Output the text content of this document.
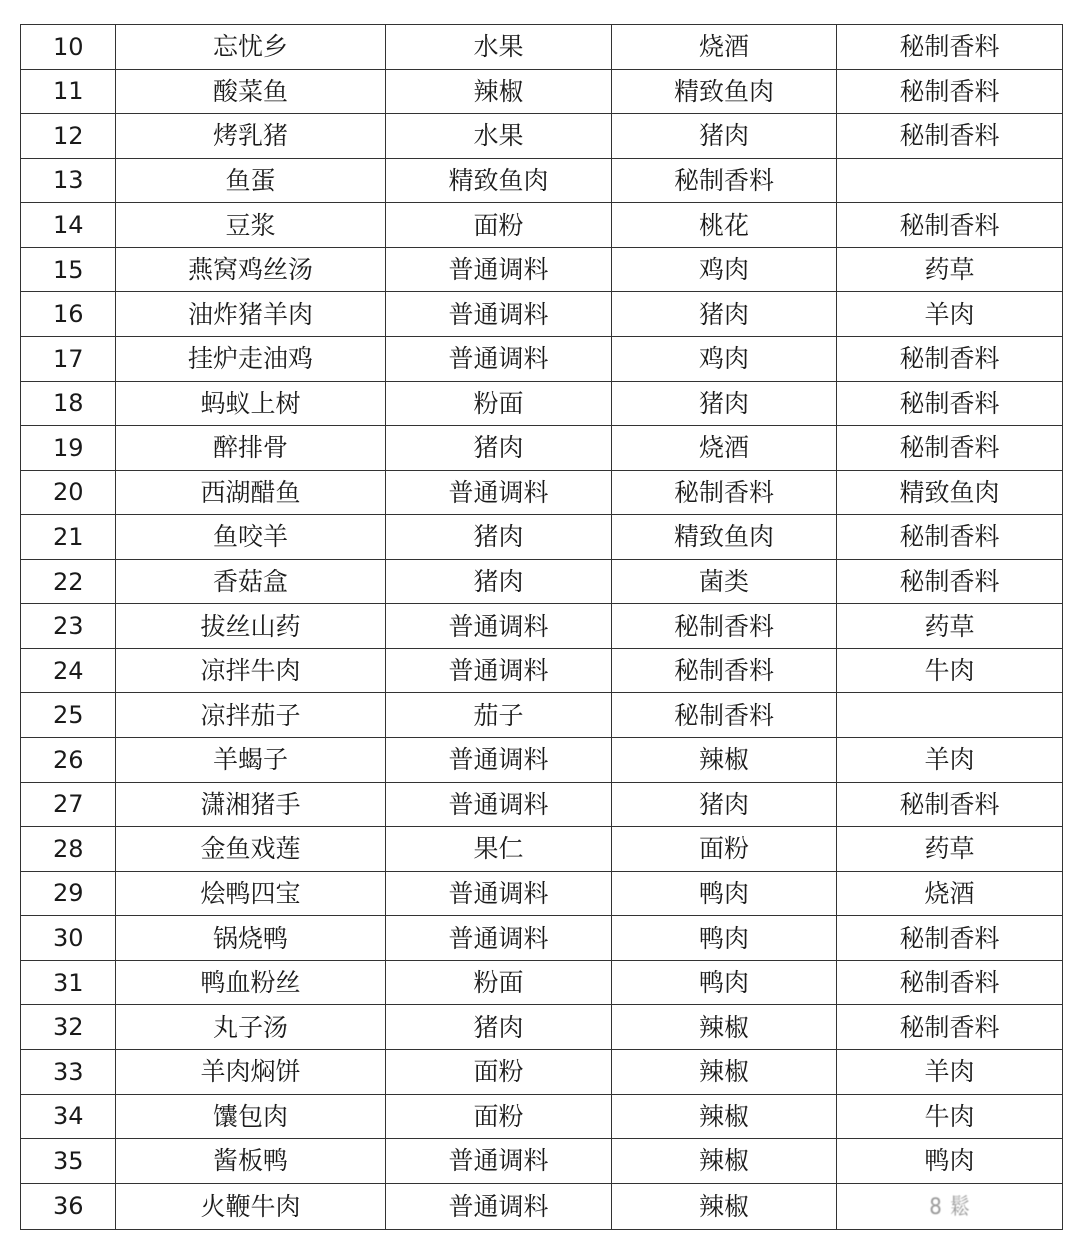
10	忘忧乡	水果	烧酒	秘制香料
11	酸菜鱼	辣椒	精致鱼肉	秘制香料
12	烤乳猪	水果	猪肉	秘制香料
13	鱼蛋	精致鱼肉	秘制香料	
14	豆浆	面粉	桃花	秘制香料
15	燕窝鸡丝汤	普通调料	鸡肉	药草
16	油炸猪羊肉	普通调料	猪肉	羊肉
17	挂炉走油鸡	普通调料	鸡肉	秘制香料
18	蚂蚁上树	粉面	猪肉	秘制香料
19	醉排骨	猪肉	烧酒	秘制香料
20	西湖醋鱼	普通调料	秘制香料	精致鱼肉
21	鱼咬羊	猪肉	精致鱼肉	秘制香料
22	香菇盒	猪肉	菌类	秘制香料
23	拔丝山药	普通调料	秘制香料	药草
24	凉拌牛肉	普通调料	秘制香料	牛肉
25	凉拌茄子	茄子	秘制香料	
26	羊蝎子	普通调料	辣椒	羊肉
27	潇湘猪手	普通调料	猪肉	秘制香料
28	金鱼戏莲	果仁	面粉	药草
29	烩鸭四宝	普通调料	鸭肉	烧酒
30	锅烧鸭	普通调料	鸭肉	秘制香料
31	鸭血粉丝	粉面	鸭肉	秘制香料
32	丸子汤	猪肉	辣椒	秘制香料
33	羊肉焖饼	面粉	辣椒	羊肉
34	馕包肉	面粉	辣椒	牛肉
35	酱板鸭	普通调料	辣椒	鸭肉
36	火鞭牛肉	普通调料	辣椒	8 鬆
